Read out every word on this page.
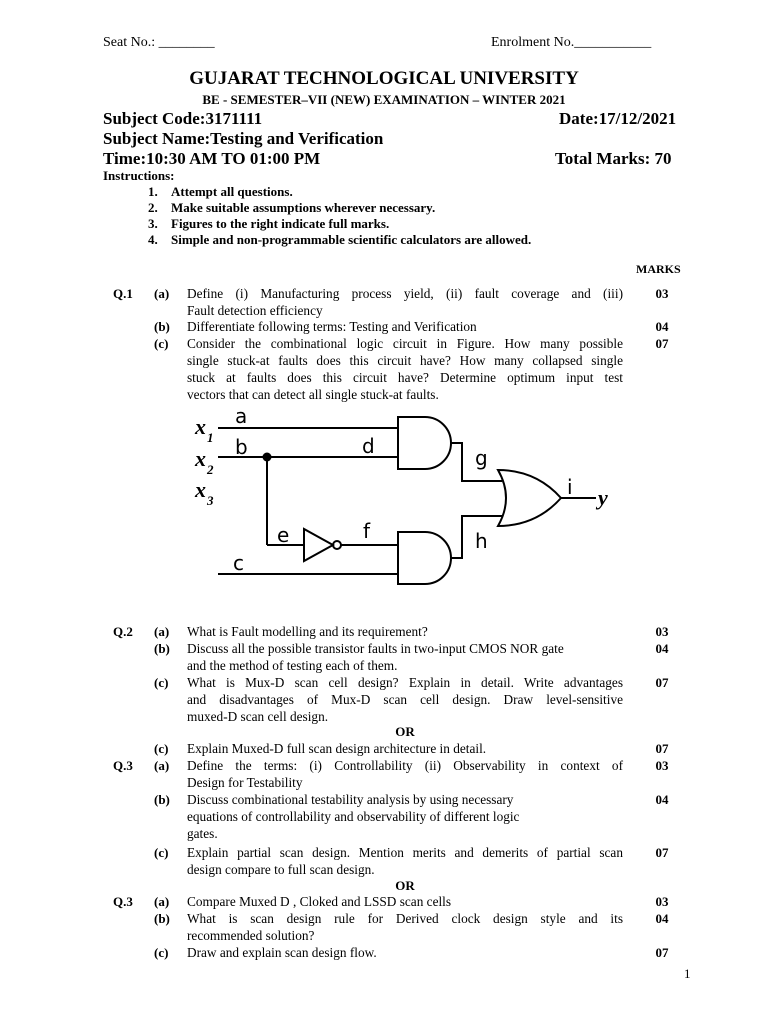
Seat No.: ________	Enrolment No.___________
GUJARAT TECHNOLOGICAL UNIVERSITY
BE - SEMESTER–VII (NEW) EXAMINATION – WINTER 2021
Subject Code:3171111	Date:17/12/2021
Subject Name:Testing and Verification
Time:10:30 AM TO 01:00 PM	Total Marks: 70
Instructions:
1. Attempt all questions.
2. Make suitable assumptions wherever necessary.
3. Figures to the right indicate full marks.
4. Simple and non-programmable scientific calculators are allowed.
MARKS
Q.1 (a) Define (i) Manufacturing process yield, (ii) fault coverage and (iii)
Fault detection efficiency
03
(b) Differentiate following terms: Testing and Verification	04
(c) Consider the combinational logic circuit in Figure. How many possible
single stuck-at faults does this circuit have? How many collapsed single
stuck at faults does this circuit have? Determine optimum input test
vectors that can detect all single stuck-at faults.
07
a
b
c
d
e	f
g
h
i
x 1
x 2
x 3	y
Q.2 (a) What is Fault modelling and its requirement?	03
(b) Discuss all the possible transistor faults in two-input CMOS NOR gate
and the method of testing each of them.
04
(c) What is Mux-D scan cell design? Explain in detail. Write advantages
and disadvantages of Mux-D scan cell design. Draw level-sensitive
muxed-D scan cell design.
07
OR
(c) Explain Muxed-D full scan design architecture in detail.	07
Q.3 (a) Define the terms: (i) Controllability (ii) Observability in context of
Design for Testability
03
(b) Discuss combinational testability analysis by using necessary
equations of controllability and observability of different logic
gates.
04
(c) Explain partial scan design. Mention merits and demerits of partial scan
design compare to full scan design.
07
OR
Q.3 (a) Compare Muxed D , Cloked and LSSD scan cells	03
(b) What is scan design rule for Derived clock design style and its
recommended solution?
04
(c) Draw and explain scan design flow.	07
1
